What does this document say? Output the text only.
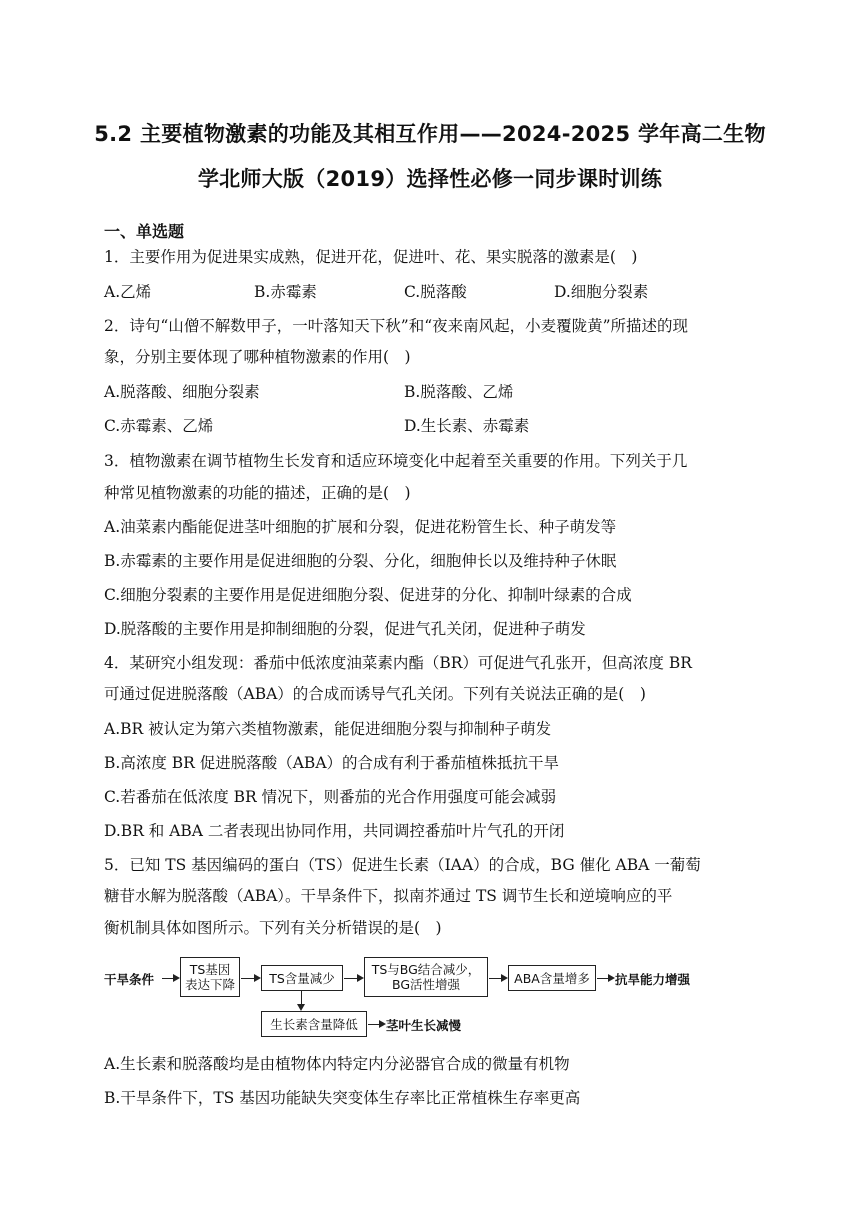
5.2 主要植物激素的功能及其相互作用——2024-2025 学年高二生物
学北师大版（2019）选择性必修一同步课时训练
一、单选题
1．主要作用为促进果实成熟，促进开花，促进叶、花、果实脱落的激素是(　)
A.乙烯	B.赤霉素	C.脱落酸	D.细胞分裂素
2．诗句“山僧不解数甲子，一叶落知天下秋”和“夜来南风起，小麦覆陇黄”所描述的现
象，分别主要体现了哪种植物激素的作用(　)
A.脱落酸、细胞分裂素	B.脱落酸、乙烯
C.赤霉素、乙烯	D.生长素、赤霉素
3．植物激素在调节植物生长发育和适应环境变化中起着至关重要的作用。下列关于几
种常见植物激素的功能的描述，正确的是(　)
A.油菜素内酯能促进茎叶细胞的扩展和分裂，促进花粉管生长、种子萌发等
B.赤霉素的主要作用是促进细胞的分裂、分化，细胞伸长以及维持种子休眠
C.细胞分裂素的主要作用是促进细胞分裂、促进芽的分化、抑制叶绿素的合成
D.脱落酸的主要作用是抑制细胞的分裂，促进气孔关闭，促进种子萌发
4．某研究小组发现：番茄中低浓度油菜素内酯（BR）可促进气孔张开，但高浓度 BR
可通过促进脱落酸（ABA）的合成而诱导气孔关闭。下列有关说法正确的是(　)
A.BR 被认定为第六类植物激素，能促进细胞分裂与抑制种子萌发
B.高浓度 BR 促进脱落酸（ABA）的合成有利于番茄植株抵抗干旱
C.若番茄在低浓度 BR 情况下，则番茄的光合作用强度可能会减弱
D.BR 和 ABA 二者表现出协同作用，共同调控番茄叶片气孔的开闭
5．已知 TS 基因编码的蛋白（TS）促进生长素（IAA）的合成，BG 催化 ABA 一葡萄
糖苷水解为脱落酸（ABA）。干旱条件下，拟南芥通过 TS 调节生长和逆境响应的平
衡机制具体如图所示。下列有关分析错误的是(　)
干旱条件
TS基因
表达下降	TS含量减少
TS与BG结合减少，
BG活性增强	ABA含量增多	抗旱能力增强
生长素含量降低	茎叶生长减慢
A.生长素和脱落酸均是由植物体内特定内分泌器官合成的微量有机物
B.干旱条件下，TS 基因功能缺失突变体生存率比正常植株生存率更高
